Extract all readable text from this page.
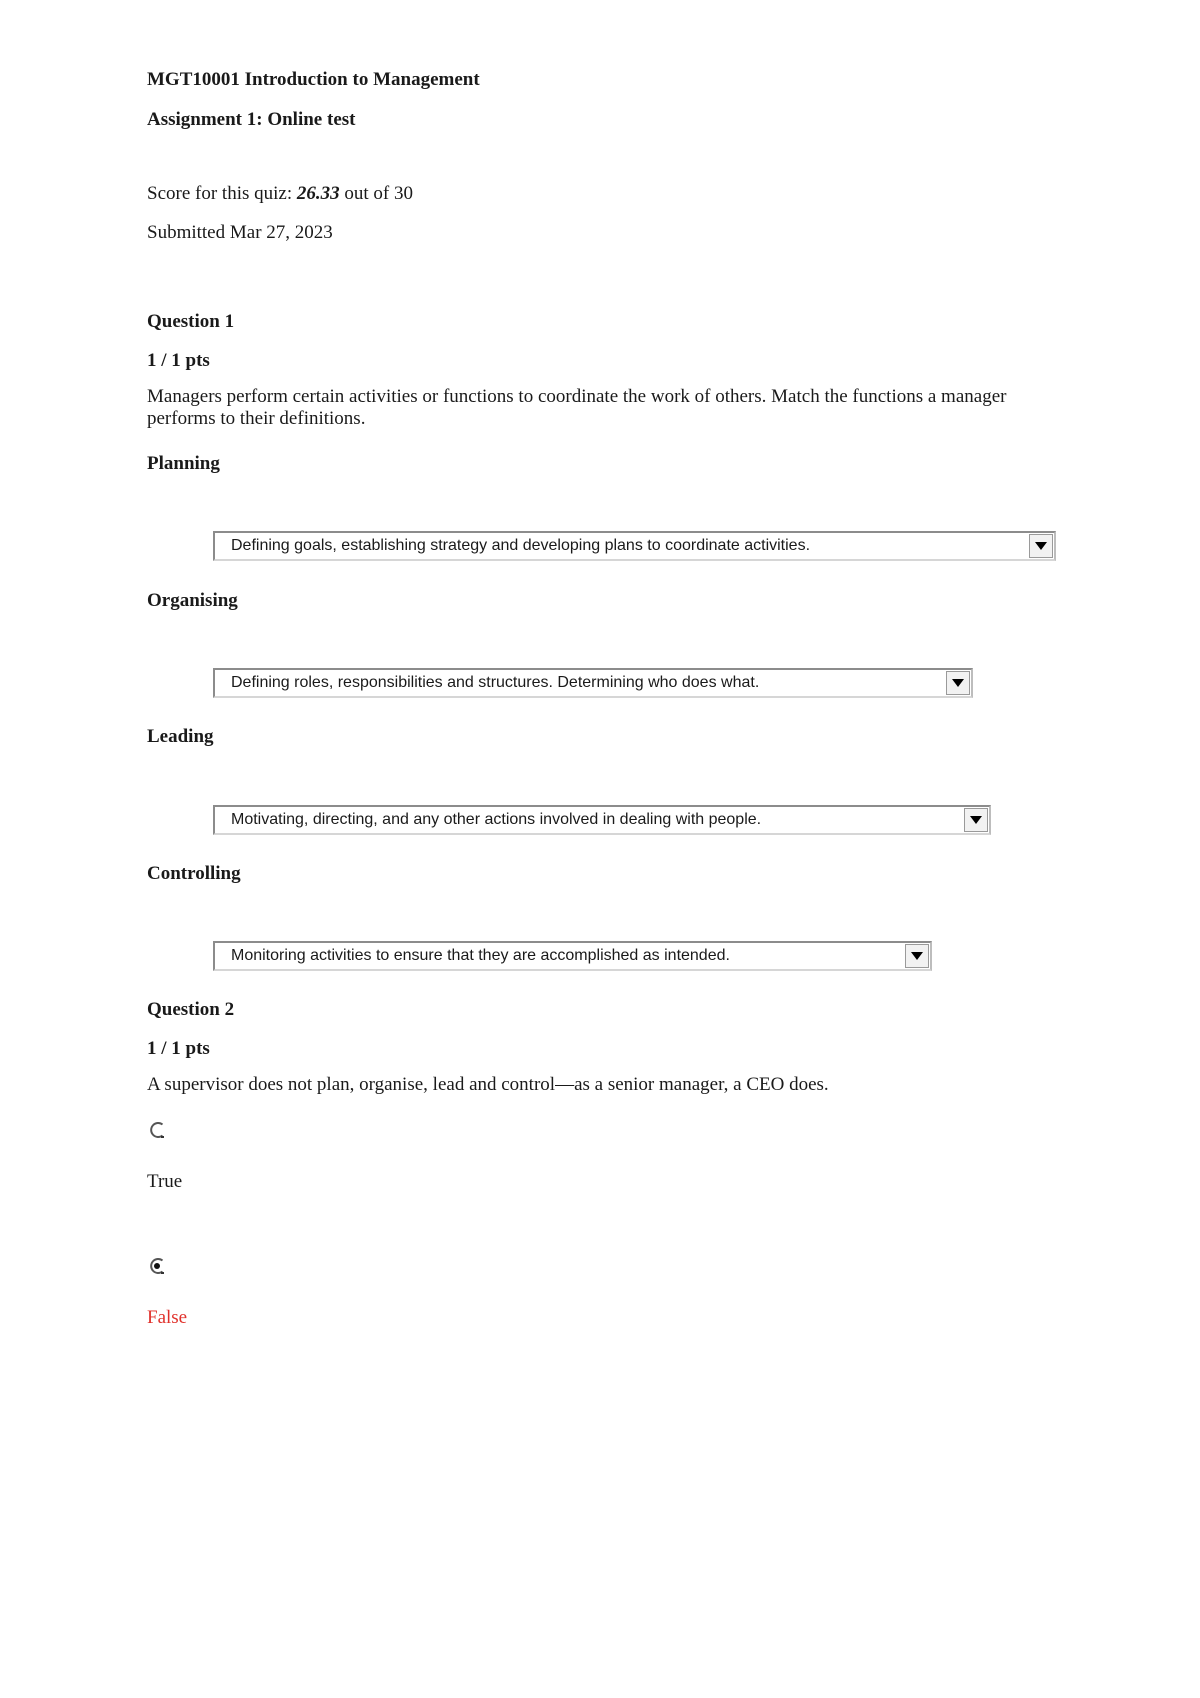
MGT10001 Introduction to Management

Assignment 1: Online test

Score for this quiz: 26.33 out of 30

Submitted Mar 27, 2023

Question 1

1 / 1 pts

Managers perform certain activities or functions to coordinate the work of others. Match the functions a manager performs to their definitions.

Planning

Defining goals, establishing strategy and developing plans to coordinate activities.

Organising

Defining roles, responsibilities and structures. Determining who does what.

Leading

Motivating, directing, and any other actions involved in dealing with people.

Controlling

Monitoring activities to ensure that they are accomplished as intended.

Question 2

1 / 1 pts

A supervisor does not plan, organise, lead and control—as a senior manager, a CEO does.

True
False
